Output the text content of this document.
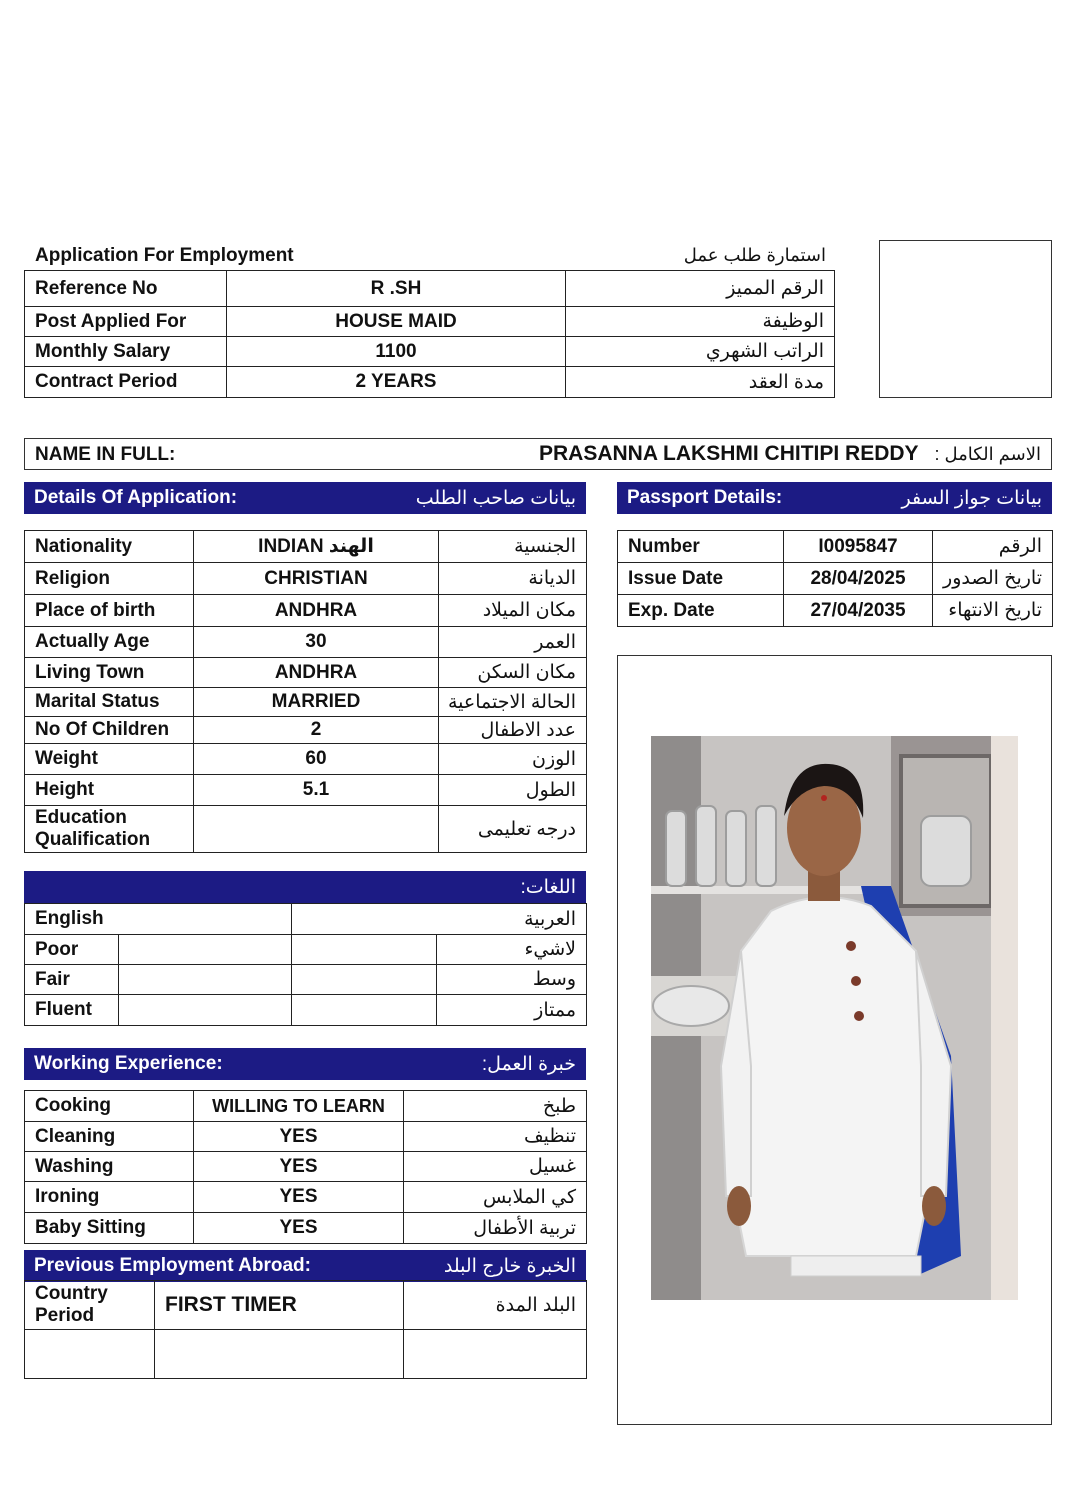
Application For Employment	استمارة طلب عمل
Reference No	R .SH	الرقم المميز
Post Applied For	HOUSE MAID	الوظيفة
Monthly Salary	1100	الراتب الشهري
Contract Period	2 YEARS	مدة العقد
NAME IN FULL:	PRASANNA LAKSHMI CHITIPI REDDY الاسم الكامل :
Details Of Application:	بيانات صاحب الطلب
Nationality	INDIAN الهند	الجنسية
Religion	CHRISTIAN	الديانة
Place of birth	ANDHRA	مكان الميلاد
Actually Age	30	العمر
Living Town	ANDHRA	مكان السكن
Marital Status	MARRIED	الحالة الاجتماعية
No Of Children	2	عدد الاطفال
Weight	60	الوزن
Height	5.1	الطول
Education Qualification		درجه تعليمى
Passport Details:	بيانات جواز السفر
Number	I0095847	الرقم
Issue Date	28/04/2025	تاريخ الصدور
Exp. Date	27/04/2035	تاريخ الانتهاء
اللغات:
English		العربية	
Poor			لاشيء
Fair			وسط
Fluent			ممتاز
Working Experience:	خبرة العمل:
Cooking	WILLING TO LEARN	طبخ
Cleaning	YES	تنظيف
Washing	YES	غسيل
Ironing	YES	كي الملابس
Baby Sitting	YES	تربية الأطفال
Previous Employment Abroad:	الخبرة خارج البلد
Country Period	FIRST TIMER	البلد المدة
